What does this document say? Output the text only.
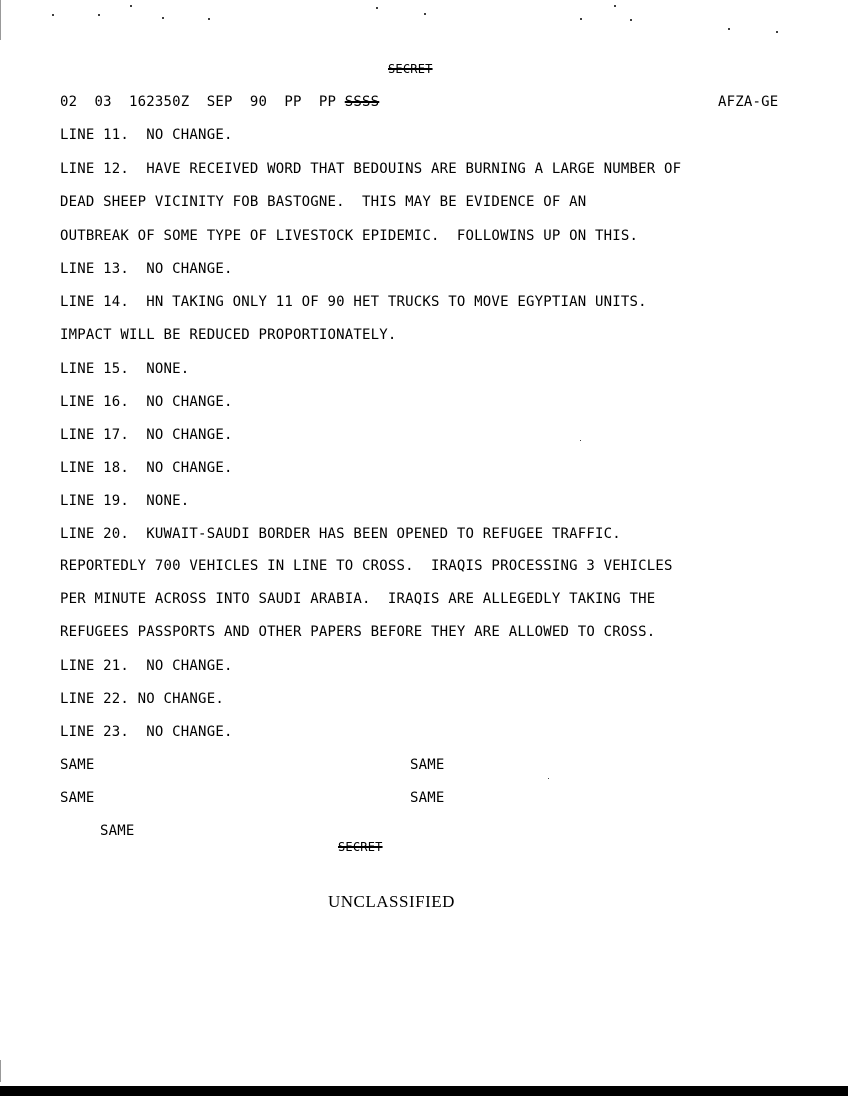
SECRET
02  03  162350Z  SEP  90  PP  PP SSSS	AFZA-GE
LINE 11.  NO CHANGE.
LINE 12.  HAVE RECEIVED WORD THAT BEDOUINS ARE BURNING A LARGE NUMBER OF
DEAD SHEEP VICINITY FOB BASTOGNE.  THIS MAY BE EVIDENCE OF AN
OUTBREAK OF SOME TYPE OF LIVESTOCK EPIDEMIC.  FOLLOWINS UP ON THIS.
LINE 13.  NO CHANGE.
LINE 14.  HN TAKING ONLY 11 OF 90 HET TRUCKS TO MOVE EGYPTIAN UNITS.
IMPACT WILL BE REDUCED PROPORTIONATELY.
LINE 15.  NONE.
LINE 16.  NO CHANGE.
LINE 17.  NO CHANGE.
LINE 18.  NO CHANGE.
LINE 19.  NONE.
LINE 20.  KUWAIT-SAUDI BORDER HAS BEEN OPENED TO REFUGEE TRAFFIC.
REPORTEDLY 700 VEHICLES IN LINE TO CROSS.  IRAQIS PROCESSING 3 VEHICLES
PER MINUTE ACROSS INTO SAUDI ARABIA.  IRAQIS ARE ALLEGEDLY TAKING THE
REFUGEES PASSPORTS AND OTHER PAPERS BEFORE THEY ARE ALLOWED TO CROSS.
LINE 21.  NO CHANGE.
LINE 22. NO CHANGE.
LINE 23.  NO CHANGE.
SAME	SAME
SAME	SAME
SAME
SECRET
UNCLASSIFIED
